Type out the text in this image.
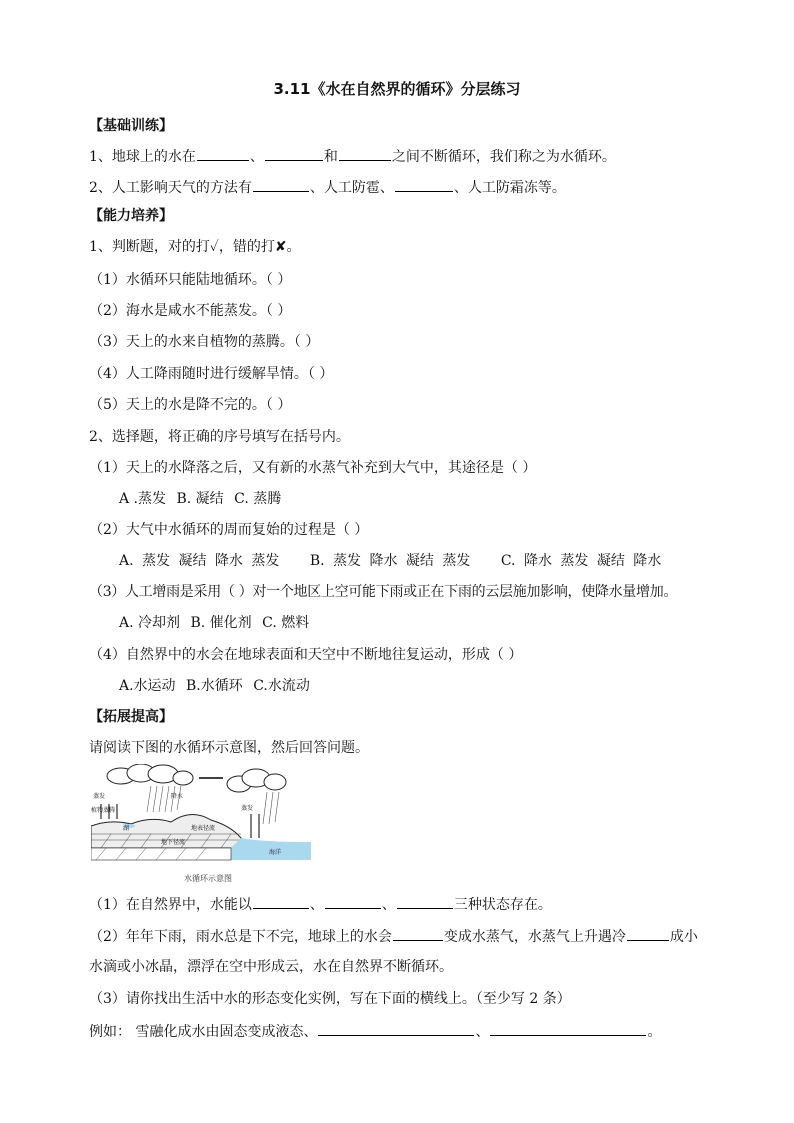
3.11《水在自然界的循环》分层练习
【基础训练】
1、地球上的水在	、	和	之间不断循环，我们称之为水循环。
2、人工影响天气的方法有	、人工防雹、	、人工防霜冻等。
【能力培养】
1、判断题，对的打✓，错的打✘。
（1）水循环只能陆地循环。（ ）
（2）海水是咸水不能蒸发。（ ）
（3）天上的水来自植物的蒸腾。（ ）
（4）人工降雨随时进行缓解旱情。（ ）
（5）天上的水是降不完的。（ ）
2、选择题，将正确的序号填写在括号内。
（1）天上的水降落之后，又有新的水蒸气补充到大气中，其途径是（ ）
A .蒸发 B. 凝结 C. 蒸腾
（2）大气中水循环的周而复始的过程是（ ）
A. 蒸发 凝结 降水 蒸发 B. 蒸发 降水 凝结 蒸发 C. 降水 蒸发 凝结 降水
（3）人工增雨是采用（ ）对一个地区上空可能下雨或正在下雨的云层施加影响，使降水量增加。
A. 冷却剂 B. 催化剂 C. 燃料
（4）自然界中的水会在地球表面和天空中不断地往复运动，形成（ ）
A.水运动 B.水循环 C.水流动
【拓展提高】
请阅读下图的水循环示意图，然后回答问题。
蒸发	降水
植物蒸腾
湖
蒸发
地下径流
地表径流
海洋
水循环示意图
（1）在自然界中，水能以	、	、	三种状态存在。
（2）年年下雨，雨水总是下不完，地球上的水会	变成水蒸气，水蒸气上升遇冷	成小
水滴或小冰晶，漂浮在空中形成云，水在自然界不断循环。
（3）请你找出生活中水的形态变化实例，写在下面的横线上。（至少写 2 条）
例如： 雪融化成水由固态变成液态、	、	。
